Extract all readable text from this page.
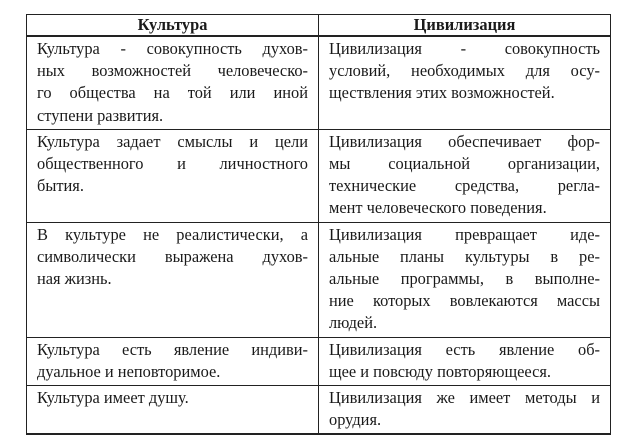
Культура	Цивилизация

Культура - совокупность духов-
ных возможностей человеческо-
го общества на той или иной
ступени развития.	Цивилизация - совокупность
условий, необходимых для осу-
ществления этих возможностей.

Культура задает смыслы и цели
общественного и личностного
бытия.	Цивилизация обеспечивает фор-
мы социальной организации,
технические средства, регла-
мент человеческого поведения.

В культуре не реалистически, а
символически выражена духов-
ная жизнь.	Цивилизация превращает иде-
альные планы культуры в ре-
альные программы, в выполне-
ние которых вовлекаются массы
людей.

Культура есть явление индиви-
дуальное и неповторимое.	Цивилизация есть явление об-
щее и повсюду повторяющееся.

Культура имеет душу.	Цивилизация же имеет методы и
орудия.
